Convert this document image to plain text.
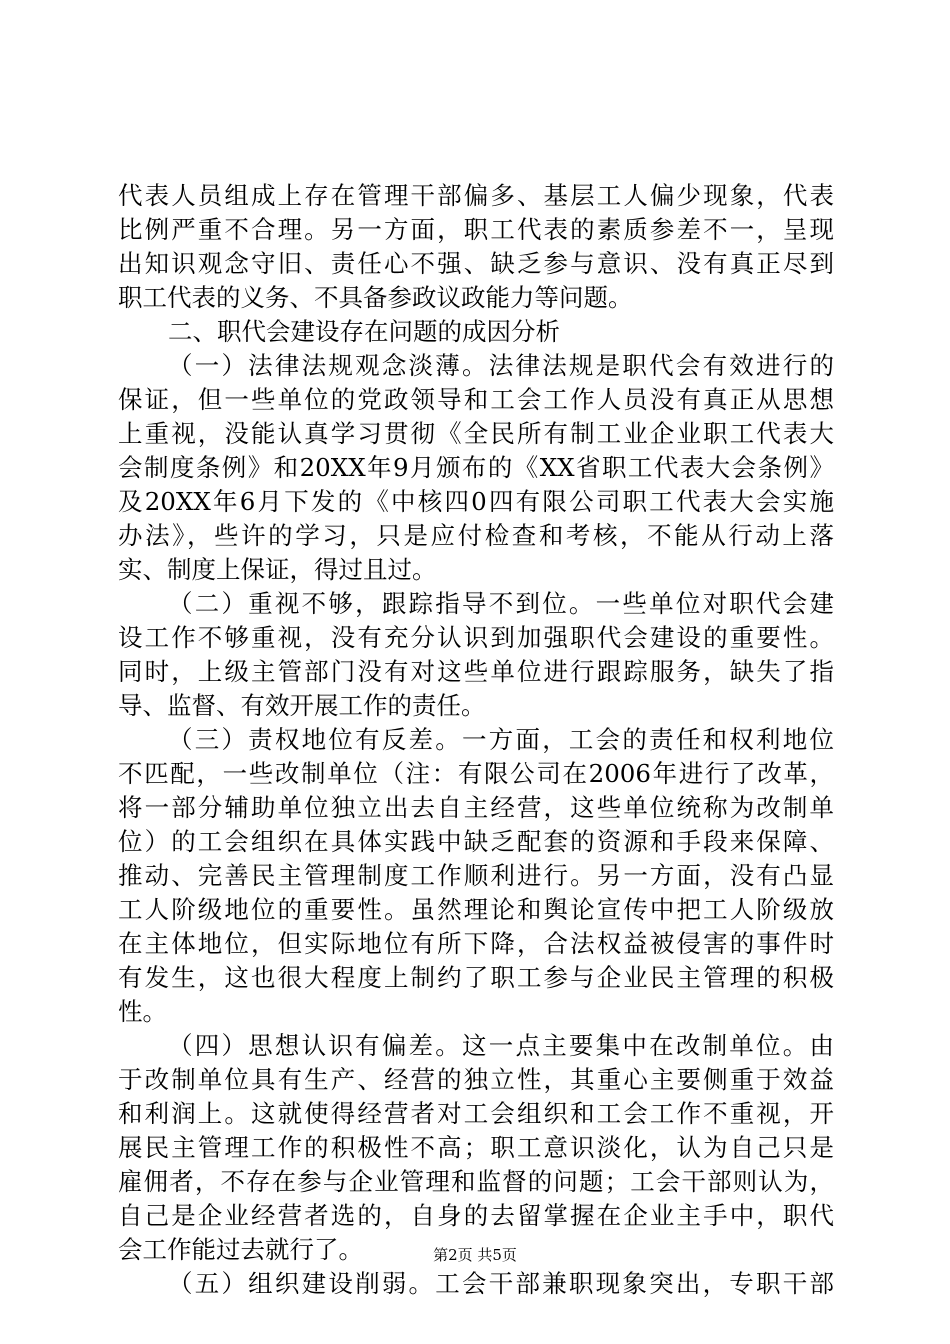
代表人员组成上存在管理干部偏多、基层工人偏少现象，代表
比例严重不合理。另一方面，职工代表的素质参差不一，呈现
出知识观念守旧、责任心不强、缺乏参与意识、没有真正尽到
职工代表的义务、不具备参政议政能力等问题。
二、职代会建设存在问题的成因分析
（一）法律法规观念淡薄。法律法规是职代会有效进行的
保证，但一些单位的党政领导和工会工作人员没有真正从思想
上重视，没能认真学习贯彻《全民所有制工业企业职工代表大
会制度条例》和20XX年9月颁布的《XX省职工代表大会条例》
及20XX年6月下发的《中核四0四有限公司职工代表大会实施
办法》，些许的学习，只是应付检查和考核，不能从行动上落
实、制度上保证，得过且过。
（二）重视不够，跟踪指导不到位。一些单位对职代会建
设工作不够重视，没有充分认识到加强职代会建设的重要性。
同时，上级主管部门没有对这些单位进行跟踪服务，缺失了指
导、监督、有效开展工作的责任。
（三）责权地位有反差。一方面，工会的责任和权利地位
不匹配，一些改制单位（注：有限公司在2006年进行了改革，
将一部分辅助单位独立出去自主经营，这些单位统称为改制单
位）的工会组织在具体实践中缺乏配套的资源和手段来保障、
推动、完善民主管理制度工作顺利进行。另一方面，没有凸显
工人阶级地位的重要性。虽然理论和舆论宣传中把工人阶级放
在主体地位，但实际地位有所下降，合法权益被侵害的事件时
有发生，这也很大程度上制约了职工参与企业民主管理的积极
性。
（四）思想认识有偏差。这一点主要集中在改制单位。由
于改制单位具有生产、经营的独立性，其重心主要侧重于效益
和利润上。这就使得经营者对工会组织和工会工作不重视，开
展民主管理工作的积极性不高；职工意识淡化，认为自己只是
雇佣者，不存在参与企业管理和监督的问题；工会干部则认为，
自己是企业经营者选的，自身的去留掌握在企业主手中，职代
会工作能过去就行了。
（五）组织建设削弱。工会干部兼职现象突出，专职干部
第2页 共5页
